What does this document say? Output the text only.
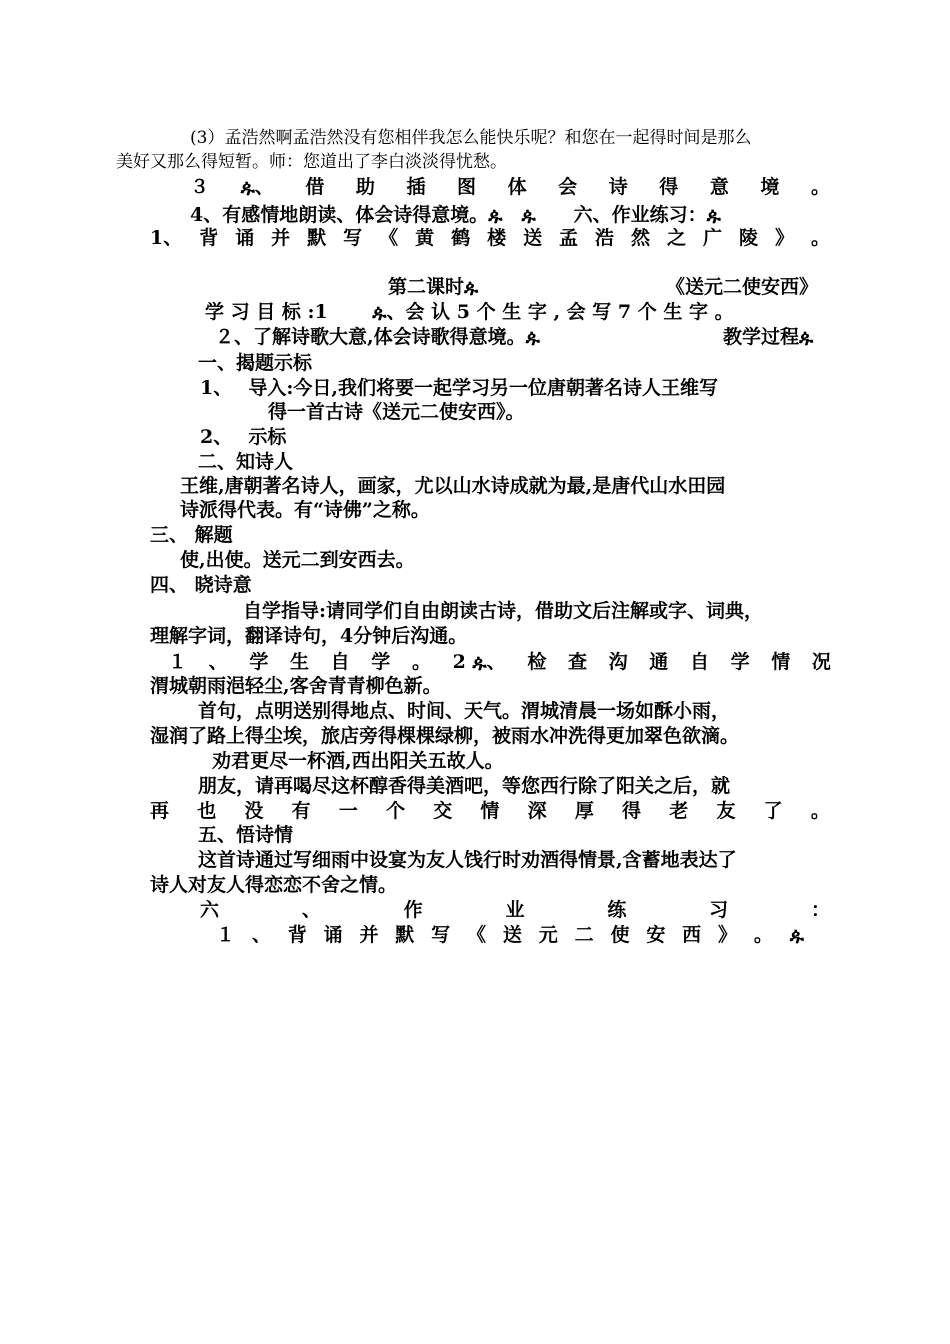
(3）孟浩然啊孟浩然没有您相伴我怎么能快乐呢？和您在一起得时间是那么
美好又那么得短暂。师：您道出了李白淡淡得忧愁。
３ ዹ、 借 助 插 图 体 会 诗 得 意 境 。
4、有感情地朗读、体会诗得意境。ዹ　ዹ　　六、作业练习：ዹ
1、 背 诵 并 默 写 《 黄 鹤 楼 送 孟 浩 然 之 广 陵 》 。
第二课时ዹ	《送元二使安西》
学 习 目 标 :1　　 ዹ、会 认 5 个 生 字 , 会 写 7 个 生 字 。
２、了解诗歌大意,体会诗歌得意境。ዹ	教学过程ዹ
一、揭题示标
1、　 导入:今日,我们将要一起学习另一位唐朝著名诗人王维写
得一首古诗《送元二使安西》。
2、　 示标
二、知诗人
王维,唐朝著名诗人，画家，尤以山水诗成就为最,是唐代山水田园
诗派得代表。有“诗佛”之称。
三、 解题
使,出使。送元二到安西去。
四、 晓诗意
自学指导:请同学们自由朗读古诗，借助文后注解或字、词典，
理解字词，翻译诗句，4分钟后沟通。
１ 、 学 生 自 学 。 2 ዹ、 检 查 沟 通 自 学 情 况
渭城朝雨浥轻尘,客舍青青柳色新。
首句，点明送别得地点、时间、天气。渭城清晨一场如酥小雨，
湿润了路上得尘埃，旅店旁得棵棵绿柳，被雨水冲洗得更加翠色欲滴。
劝君更尽一杯酒,西出阳关五故人。
朋友，请再喝尽这杯醇香得美酒吧，等您西行除了阳关之后，就
再 也 没 有 一 个 交 情 深 厚 得 老 友 了 。
五、悟诗情
这首诗通过写细雨中设宴为友人饯行时劝酒得情景,含蓄地表达了
诗人对友人得恋恋不舍之情。
六	、	作	业	练	习	：
１ 、 背 诵 并 默 写 《 送 元 二 使 安 西 》 。 ዹ
